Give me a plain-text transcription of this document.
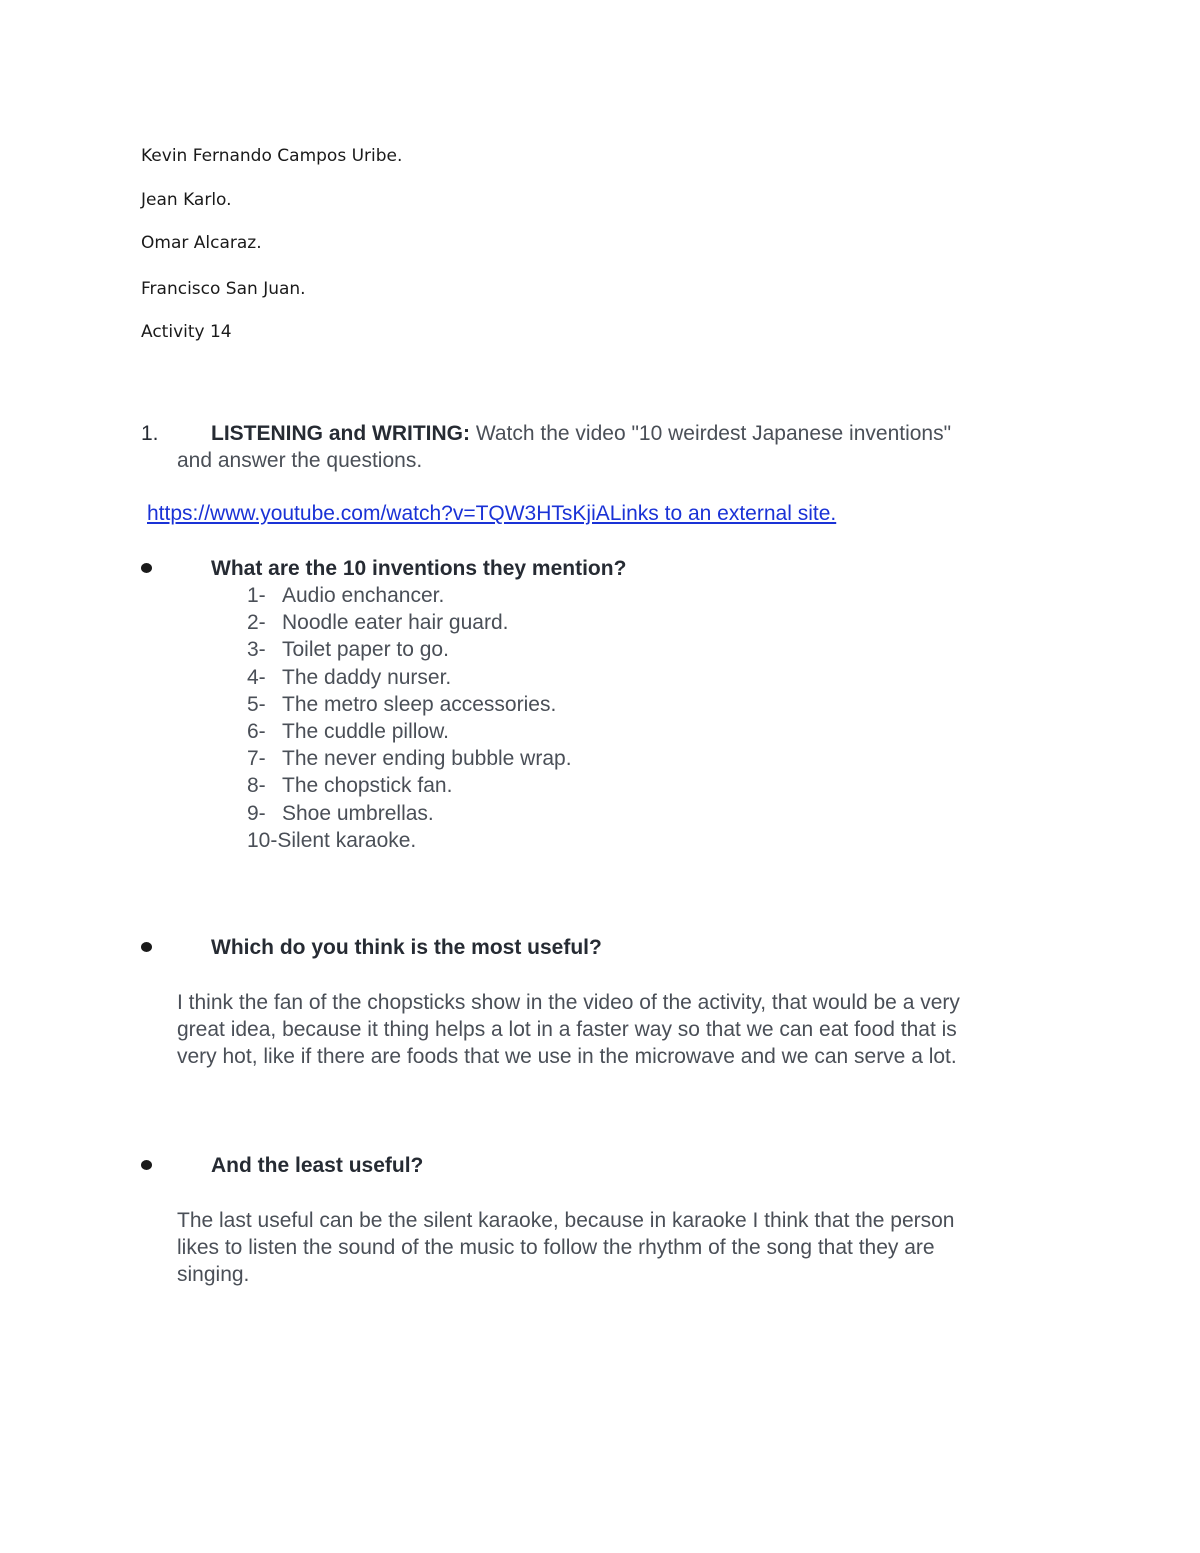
Kevin Fernando Campos Uribe.
Jean Karlo.
Omar Alcaraz.
Francisco San Juan.
Activity 14
1. LISTENING and WRITING: Watch the video "10 weirdest Japanese inventions"
and answer the questions.
https://www.youtube.com/watch?v=TQW3HTsKjiALinks to an external site.
What are the 10 inventions they mention?
1- Audio enchancer.
2- Noodle eater hair guard.
3- Toilet paper to go.
4- The daddy nurser.
5- The metro sleep accessories.
6- The cuddle pillow.
7- The never ending bubble wrap.
8- The chopstick fan.
9- Shoe umbrellas.
10-Silent karaoke.
Which do you think is the most useful?
I think the fan of the chopsticks show in the video of the activity, that would be a very
great idea, because it thing helps a lot in a faster way so that we can eat food that is
very hot, like if there are foods that we use in the microwave and we can serve a lot.
And the least useful?
The last useful can be the silent karaoke, because in karaoke I think that the person
likes to listen the sound of the music to follow the rhythm of the song that they are
singing.
